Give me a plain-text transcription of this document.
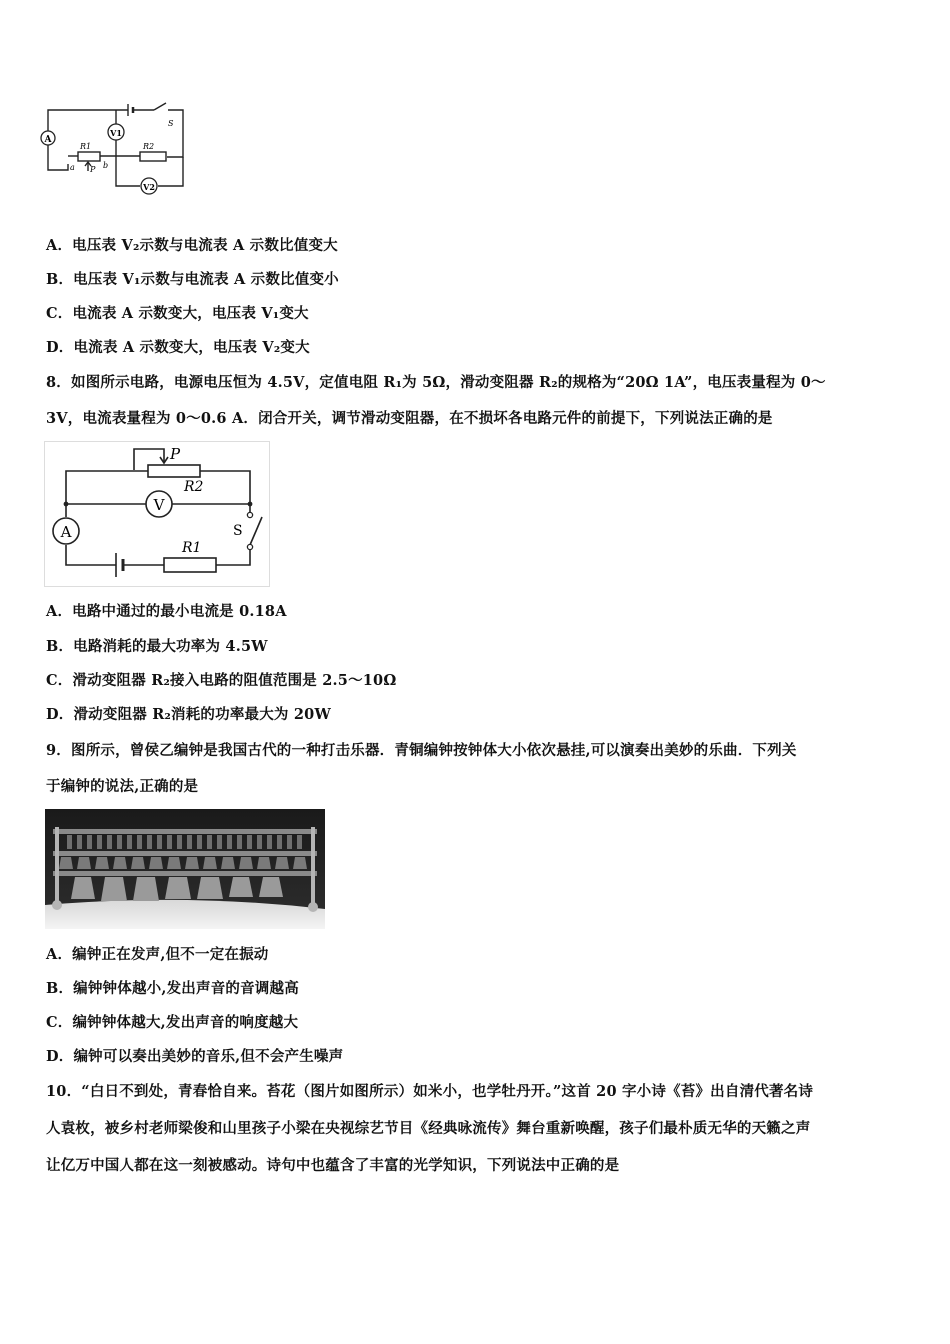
A
V1
V2
S
R1	R2
a P b
A．电压表 V₂示数与电流表 A 示数比值变大
B．电压表 V₁示数与电流表 A 示数比值变小
C．电流表 A 示数变大，电压表 V₁变大
D．电流表 A 示数变大，电压表 V₂变大
8．如图所示电路，电源电压恒为 4.5V，定值电阻 R₁为 5Ω，滑动变阻器 R₂的规格为“20Ω 1A”，电压表量程为 0～
3V，电流表量程为 0～0.6 A．闭合开关，调节滑动变阻器，在不损坏各电路元件的前提下，下列说法正确的是
P
R2
V
A	S
R1
A．电路中通过的最小电流是 0.18A
B．电路消耗的最大功率为 4.5W
C．滑动变阻器 R₂接入电路的阻值范围是 2.5～10Ω
D．滑动变阻器 R₂消耗的功率最大为 20W
9．图所示，曾侯乙编钟是我国古代的一种打击乐器．青铜编钟按钟体大小依次悬挂,可以演奏出美妙的乐曲．下列关
于编钟的说法,正确的是
A．编钟正在发声,但不一定在振动
B．编钟钟体越小,发出声音的音调越高
C．编钟钟体越大,发出声音的响度越大
D．编钟可以奏出美妙的音乐,但不会产生噪声
10．“白日不到处，青春恰自来。苔花（图片如图所示）如米小，也学牡丹开。”这首 20 字小诗《苔》出自清代著名诗
人袁枚，被乡村老师梁俊和山里孩子小梁在央视综艺节目《经典咏流传》舞台重新唤醒，孩子们最朴质无华的天籁之声
让亿万中国人都在这一刻被感动。诗句中也蕴含了丰富的光学知识，下列说法中正确的是
